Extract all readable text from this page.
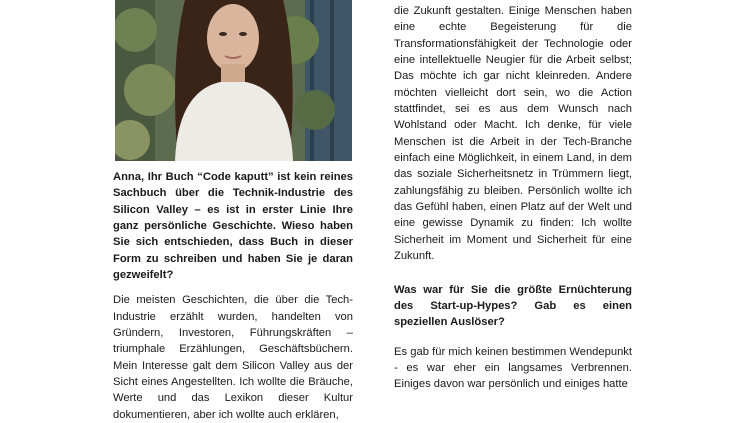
Anna, Ihr Buch “Code kaputt” ist kein reines Sachbuch über die Technik-Industrie des Silicon Valley – es ist in erster Linie Ihre ganz persönliche Geschichte. Wieso haben Sie sich entschieden, dass Buch in dieser Form zu schreiben und haben Sie je daran gezweifelt?

Die meisten Geschichten, die über die Tech-Industrie erzählt wurden, handelten von Gründern, Investoren, Führungskräften – triumphale Erzählungen, Geschäftsbüchern. Mein Interesse galt dem Silicon Valley aus der Sicht eines Angestellten. Ich wollte die Bräuche, Werte und das Lexikon dieser Kultur dokumentieren, aber ich wollte auch erklären,

die Zukunft gestalten. Einige Menschen haben eine echte Begeisterung für die Transformationsfähigkeit der Technologie oder eine intellektuelle Neugier für die Arbeit selbst; Das möchte ich gar nicht kleinreden. Andere möchten vielleicht dort sein, wo die Action stattfindet, sei es aus dem Wunsch nach Wohlstand oder Macht. Ich denke, für viele Menschen ist die Arbeit in der Tech-Branche einfach eine Möglichkeit, in einem Land, in dem das soziale Sicherheitsnetz in Trümmern liegt, zahlungsfähig zu bleiben. Persönlich wollte ich das Gefühl haben, einen Platz auf der Welt und eine gewisse Dynamik zu finden: Ich wollte Sicherheit im Moment und Sicherheit für eine Zukunft.

Was war für Sie die größte Ernüchterung des Start-up-Hypes? Gab es einen speziellen Auslöser?

Es gab für mich keinen bestimmen Wendepunkt - es war eher ein langsames Verbrennen. Einiges davon war persönlich und einiges hatte
